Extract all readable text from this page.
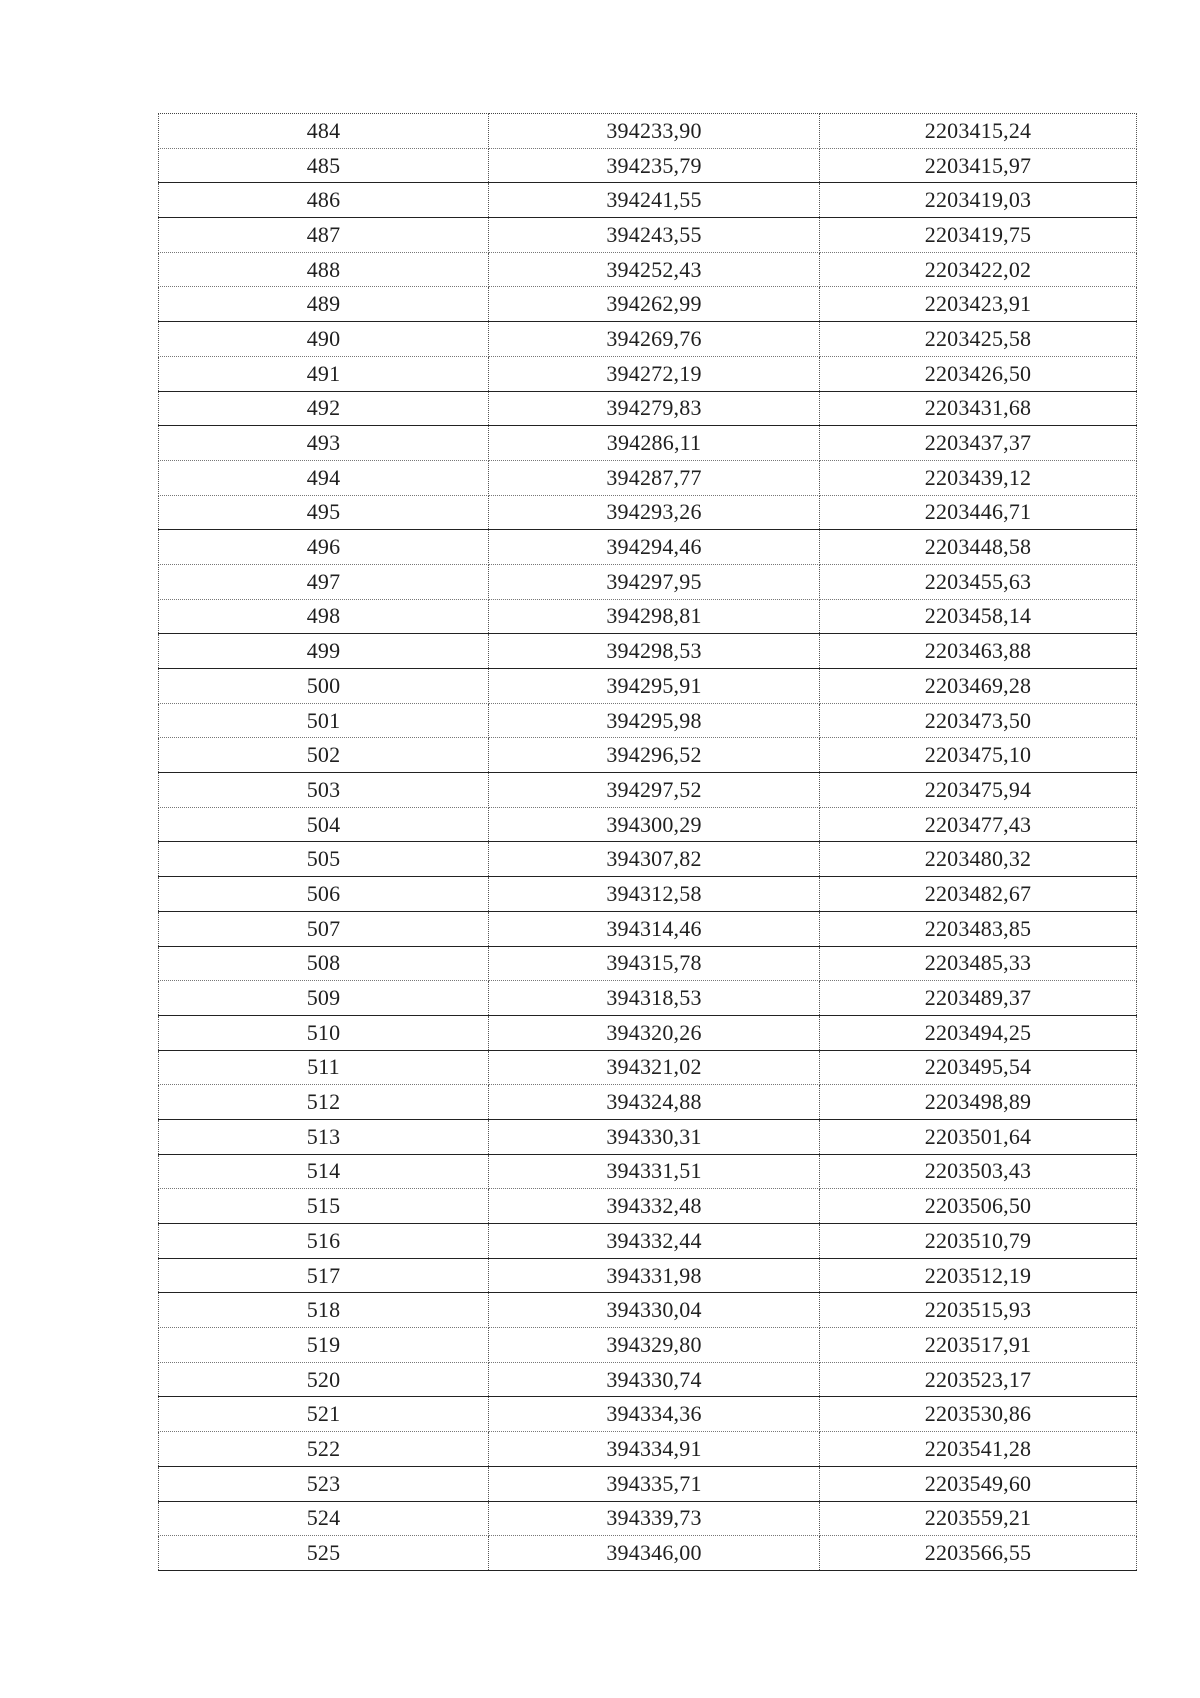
484	394233,90	2203415,24
485	394235,79	2203415,97
486	394241,55	2203419,03
487	394243,55	2203419,75
488	394252,43	2203422,02
489	394262,99	2203423,91
490	394269,76	2203425,58
491	394272,19	2203426,50
492	394279,83	2203431,68
493	394286,11	2203437,37
494	394287,77	2203439,12
495	394293,26	2203446,71
496	394294,46	2203448,58
497	394297,95	2203455,63
498	394298,81	2203458,14
499	394298,53	2203463,88
500	394295,91	2203469,28
501	394295,98	2203473,50
502	394296,52	2203475,10
503	394297,52	2203475,94
504	394300,29	2203477,43
505	394307,82	2203480,32
506	394312,58	2203482,67
507	394314,46	2203483,85
508	394315,78	2203485,33
509	394318,53	2203489,37
510	394320,26	2203494,25
511	394321,02	2203495,54
512	394324,88	2203498,89
513	394330,31	2203501,64
514	394331,51	2203503,43
515	394332,48	2203506,50
516	394332,44	2203510,79
517	394331,98	2203512,19
518	394330,04	2203515,93
519	394329,80	2203517,91
520	394330,74	2203523,17
521	394334,36	2203530,86
522	394334,91	2203541,28
523	394335,71	2203549,60
524	394339,73	2203559,21
525	394346,00	2203566,55
